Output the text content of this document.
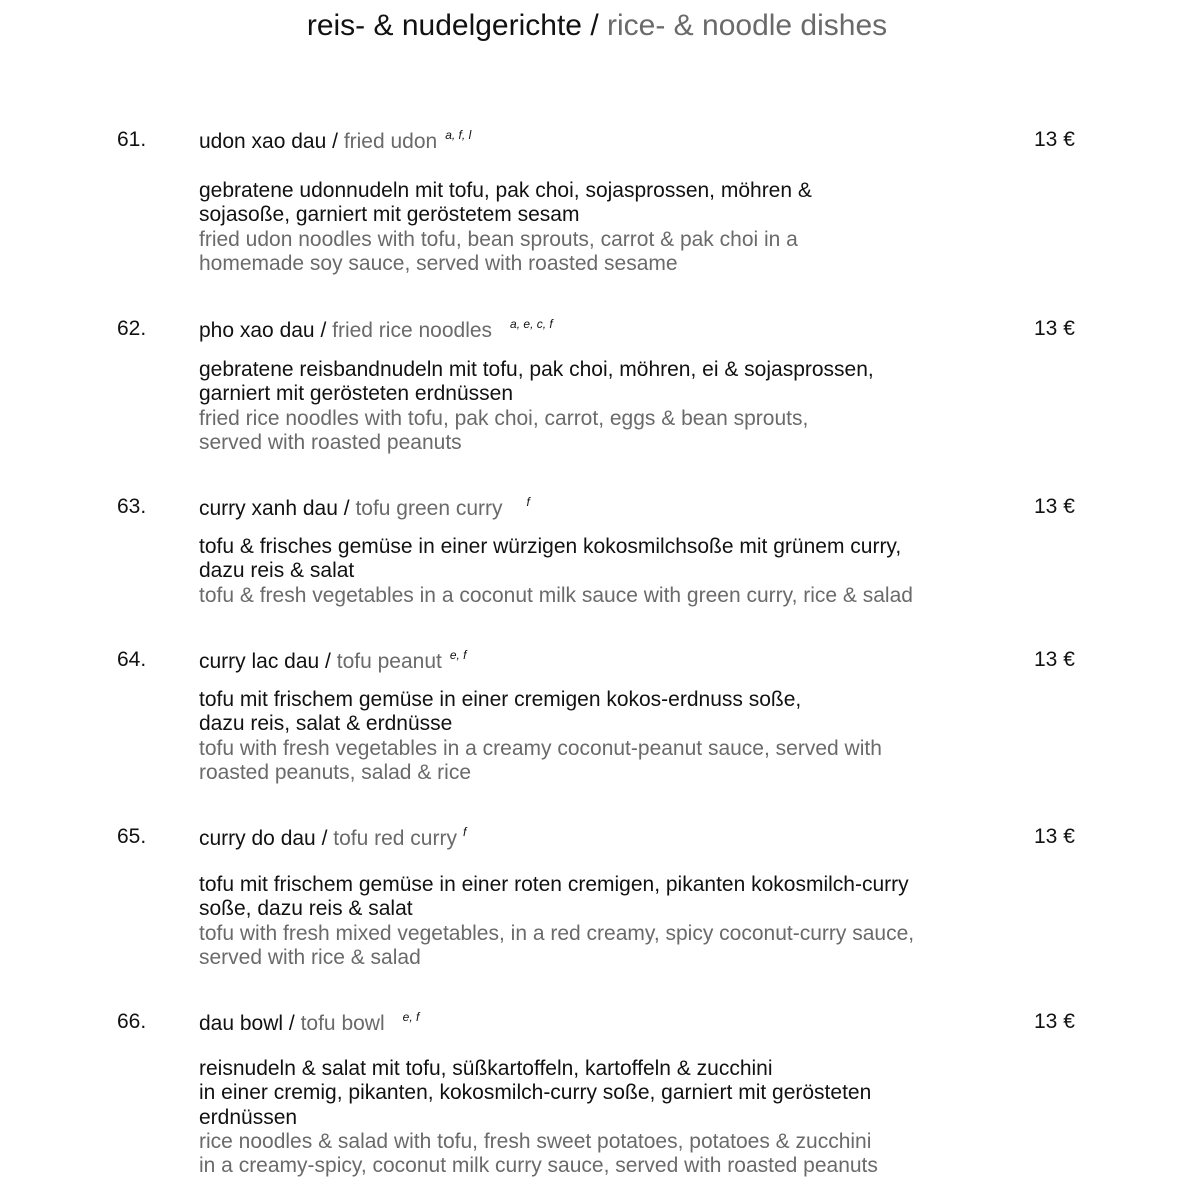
reis- & nudelgerichte / rice- & noodle dishes
61.	udon xao dau / fried udon $^{a, f, l}$	13 €
gebratene udonnudeln mit tofu, pak choi, sojasprossen, möhren &
sojasoße, garniert mit geröstetem sesam
fried udon noodles with tofu, bean sprouts, carrot & pak choi in a
homemade soy sauce, served with roasted sesame
62.	pho xao dau / fried rice noodles $^{a, e, c, f}$	13 €
gebratene reisbandnudeln mit tofu, pak choi, möhren, ei & sojasprossen,
garniert mit gerösteten erdnüssen
fried rice noodles with tofu, pak choi, carrot, eggs & bean sprouts,
served with roasted peanuts
63.	curry xanh dau / tofu green curry $^f$	13 €
tofu & frisches gemüse in einer würzigen kokosmilchsoße mit grünem curry,
dazu reis & salat
tofu & fresh vegetables in a coconut milk sauce with green curry, rice & salad
64.	curry lac dau / tofu peanut $^{e, f}$	13 €
tofu mit frischem gemüse in einer cremigen kokos-erdnuss soße,
dazu reis, salat & erdnüsse
tofu with fresh vegetables in a creamy coconut-peanut sauce, served with
roasted peanuts, salad & rice
65.	curry do dau / tofu red curry $^f$	13 €
tofu mit frischem gemüse in einer roten cremigen, pikanten kokosmilch-curry
soße, dazu reis & salat
tofu with fresh mixed vegetables, in a red creamy, spicy coconut-curry sauce,
served with rice & salad
66.	dau bowl / tofu bowl $^{e, f}$	13 €
reisnudeln & salat mit tofu, süßkartoffeln, kartoffeln & zucchini
in einer cremig, pikanten, kokosmilch-curry soße, garniert mit gerösteten
erdnüssen
rice noodles & salad with tofu, fresh sweet potatoes, potatoes & zucchini
in a creamy-spicy, coconut milk curry sauce, served with roasted peanuts
